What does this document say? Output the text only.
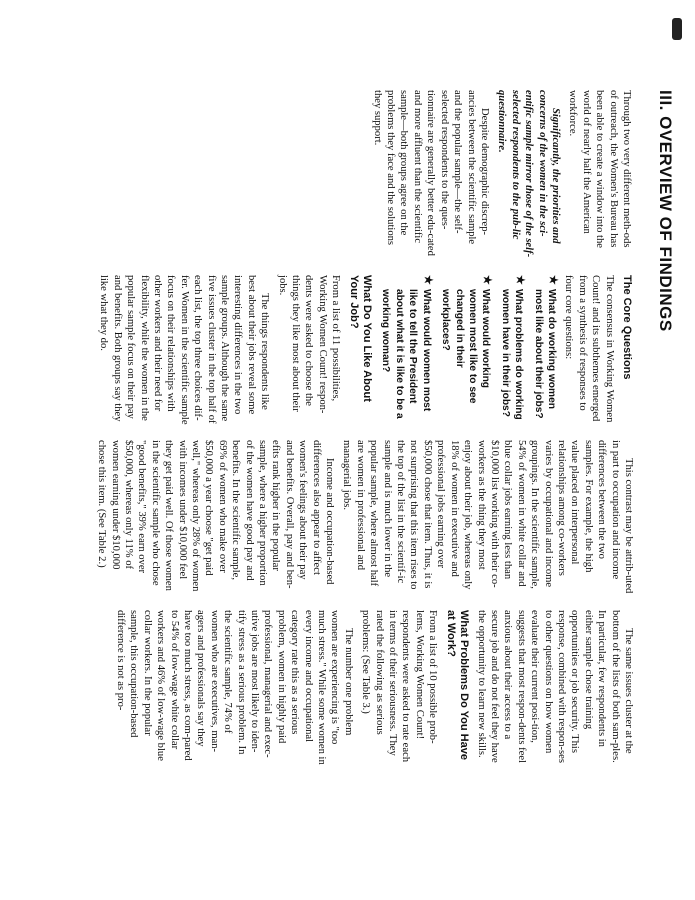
III. OVERVIEW OF FINDINGS

Through two very different meth-ods of outreach, the Women's Bureau has been able to create a window into the world of nearly half the American workforce.

Significantly, the priorities and concerns of the women in the sci-entific sample mirror those of the self-selected respondents to the pub-lic questionnaire.

Despite demographic discrep-ancies between the scientific sample and the popular sample—the self-selected respondents to the ques-tionnaire are generally better edu-cated and more affluent than the scientific sample—both groups agree on the problems they face and the solutions they support.

The Core Questions

The consensus in Working Women Count! and its subthemes emerged from a synthesis of responses to four core questions:

★
What do working women most like about their jobs?
★
What problems do working women have in their jobs?
★
What would working women most like to see changed in their workplaces?
★
What would women most like to tell the President about what it is like to be a working woman?
What Do You Like About Your Job?

From a list of 11 possibilities, Working Women Count! respon-dents were asked to choose the things they like most about their jobs.

The things respondents like best about their jobs reveal some interesting differences in the two sample groups. Although the same five issues cluster in the top half of each list, the top three choices dif-fer. Women in the scientific sample focus on their relationships with other workers and their need for flexibility, while the women in the popular sample focus on their pay and benefits. Both groups say they like what they do.

This contrast may be attrib-uted in part to occupation and income differences between the two samples. For example, the high value placed on interpersonal relationships among co-workers varies by occupational and income groupings. In the scientific sample, 54% of women in white collar and blue collar jobs earning less than $10,000 list working with their co-workers as the thing they most enjoy about their job, whereas only 18% of women in executive and professional jobs earning over $50,000 chose that item. Thus, it is not surprising that this item rises to the top of the list in the scientif-ic sample and is much lower in the popular sample, where almost half are women in professional and managerial jobs.

Income and occupation-based differences also appear to affect women's feelings about their pay and benefits. Overall, pay and ben-efits rank higher in the popular sample, where a higher proportion of the women have good pay and benefits. In the scientific sample, 69% of women who make over $50,000 a year choose "get paid well," whereas only 28% of women with incomes under $10,000 feel they get paid well. Of those women in the scientific sample who chose "good benefits," 39% earn over $50,000, whereas only 11% of women earning under $10,000 chose this item. (See Table 2.)

The same issues cluster at the bottom of the lists of both sam-ples. In particular, few respondents in either sample chose training opportunities or job security. This response, combined with respon-ses to other questions on how women evaluate their current posi-tion, suggests that most respon-dents feel anxious about their access to a secure job and do not feel they have the opportunity to learn new skills.

What Problems Do You Have at Work?

From a list of 10 possible prob-lems, Working Women Count! respondents were asked to rate each in terms of their seriousness. They rated the following as serious problems: (See Table 3.)

The number one problem women are experiencing is "too much stress." While some women in every income and occupational category rate this as a serious problem, women in highly paid professional, managerial and exec-utive jobs are most likely to iden-tify stress as a serious problem. In the scientific sample, 74% of women who are executives, man-agers and professionals say they have too much stress, as com-pared to 54% of low-wage white collar workers and 46% of low-wage blue collar workers. In the popular sample, this occupation-based difference is not as pro-
